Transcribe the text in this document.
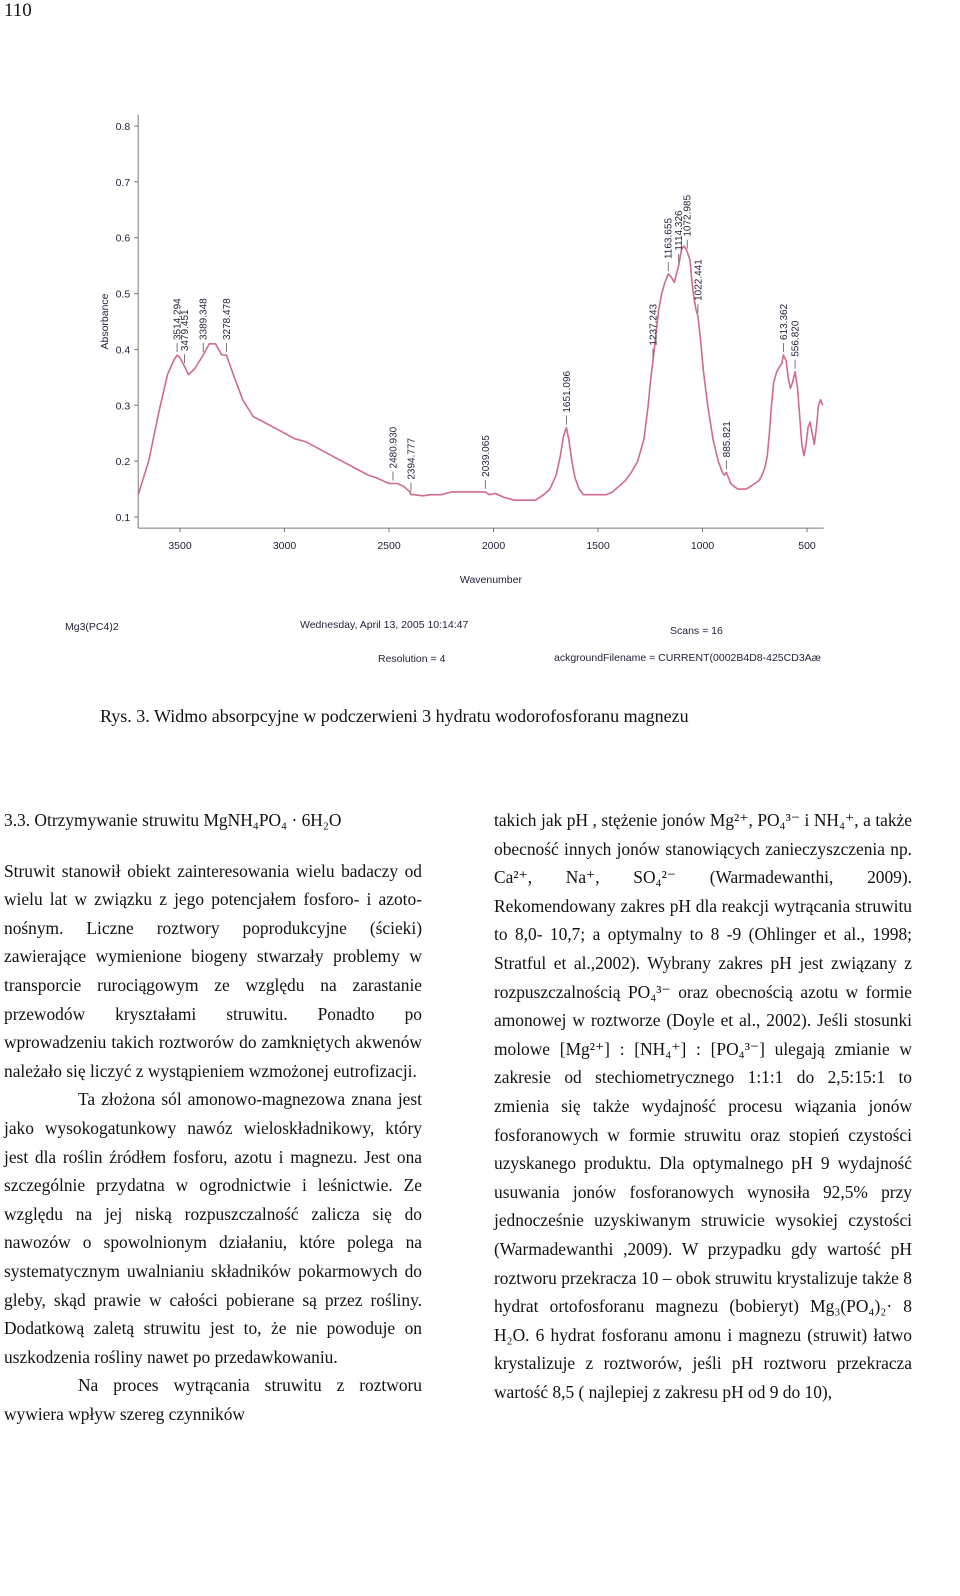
110
0.1
0.2
0.3
0.4
0.5
0.6
0.7
0.8
3500	3000	2500	2000	1500	1000	500
Wavenumber
Absorbance	3514.294
3479.451 3389.348 3278.478
2480.930 2394.777	2039.065
1651.096
1237.243
1163.655 1114.326
1072.985
1022.441
885.821
613.362 556.820
Mg3(PC4)2	Wednesday, April 13, 2005 10:14:47	Scans = 16
Resolution = 4	ackgroundFilename = CURRENT(0002B4D8-425CD3Aæ
Rys. 3. Widmo absorpcyjne w podczerwieni 3 hydratu wodorofosforanu magnezu

3.3. Otrzymywanie struwitu MgNH₄PO₄ · 6H₂O

Struwit stanowił obiekt zainteresowania wielu badaczy od wielu lat w związku z jego potencjałem fosforo- i azoto-nośnym. Liczne roztwory poprodukcyjne (ścieki) zawierające wymienione biogeny stwarzały problemy w transporcie rurociągowym ze względu na zarastanie przewodów kryształami struwitu. Ponadto po wprowadzeniu takich roztworów do zamkniętych akwenów należało się liczyć z wystąpieniem wzmożonej eutrofizacji.

Ta złożona sól amonowo-magnezowa znana jest jako wysokogatunkowy nawóz wieloskładnikowy, który jest dla roślin źródłem fosforu, azotu i magnezu. Jest ona szczególnie przydatna w ogrodnictwie i leśnictwie. Ze względu na jej niską rozpuszczalność zalicza się do nawozów o spowolnionym działaniu, które polega na systematycznym uwalnianiu składników pokarmowych do gleby, skąd prawie w całości pobierane są przez rośliny. Dodatkową zaletą struwitu jest to, że nie powoduje on uszkodzenia rośliny nawet po przedawkowaniu.

Na proces wytrącania struwitu z roztworu wywiera wpływ szereg czynników

takich jak pH , stężenie jonów Mg²⁺, PO₄³⁻ i NH₄⁺, a także obecność innych jonów stanowiących zanieczyszczenia np. Ca²⁺, Na⁺, SO₄²⁻ (Warmadewanthi, 2009). Rekomendowany zakres pH dla reakcji wytrącania struwitu to 8,0- 10,7; a optymalny to 8 -9 (Ohlinger et al., 1998; Stratful et al.,2002). Wybrany zakres pH jest związany z rozpuszczalnością PO₄³⁻ oraz obecnością azotu w formie amonowej w roztworze (Doyle et al., 2002). Jeśli stosunki molowe [Mg²⁺] : [NH₄⁺] : [PO₄³⁻] ulegają zmianie w zakresie od stechiometrycznego 1:1:1 do 2,5:15:1 to zmienia się także wydajność procesu wiązania jonów fosforanowych w formie struwitu oraz stopień czystości uzyskanego produktu. Dla optymalnego pH 9 wydajność usuwania jonów fosforanowych wynosiła 92,5% przy jednocześnie uzyskiwanym struwicie wysokiej czystości (Warmadewanthi ,2009). W przypadku gdy wartość pH roztworu przekracza 10 – obok struwitu krystalizuje także 8 hydrat ortofosforanu magnezu (bobieryt) Mg₃(PO₄)₂· 8 H₂O. 6 hydrat fosforanu amonu i magnezu (struwit) łatwo krystalizuje z roztworów, jeśli pH roztworu przekracza wartość 8,5 ( najlepiej z zakresu pH od 9 do 10),
